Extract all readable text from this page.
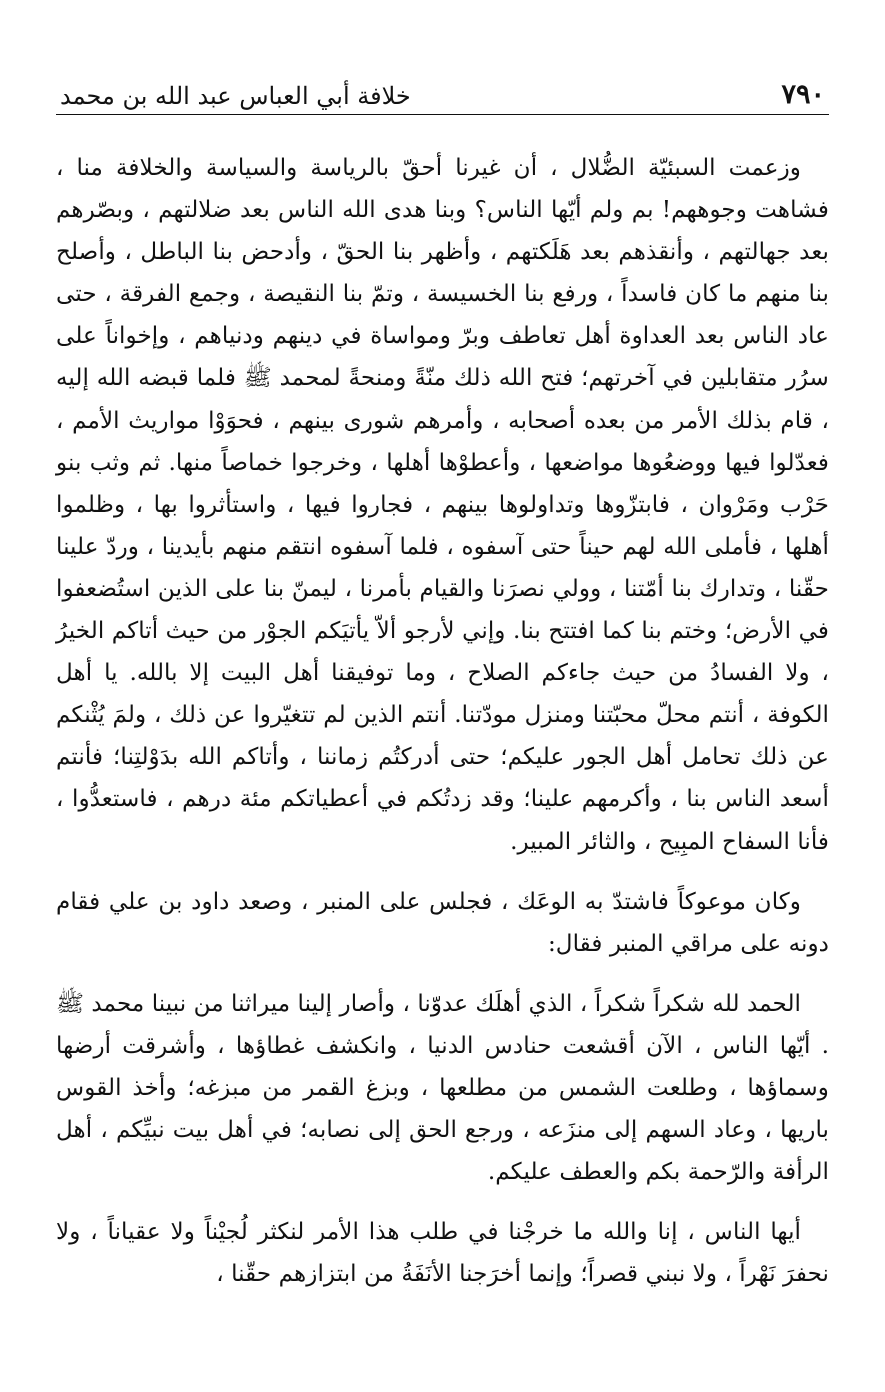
٧٩٠
خلافة أبي العباس عبد الله بن محمد

وزعمت السبئيّة الضُّلال ، أن غيرنا أحقّ بالرياسة والسياسة والخلافة منا ، فشاهت وجوههم! بم ولم أيّها الناس؟ وبنا هدى الله الناس بعد ضلالتهم ، وبصّرهم بعد جهالتهم ، وأنقذهم بعد هَلَكتهم ، وأظهر بنا الحقّ ، وأدحض بنا الباطل ، وأصلح بنا منهم ما كان فاسداً ، ورفع بنا الخسيسة ، وتمّ بنا النقيصة ، وجمع الفرقة ، حتى عاد الناس بعد العداوة أهل تعاطف وبرّ ومواساة في دينهم ودنياهم ، وإخواناً على سرُر متقابلين في آخرتهم؛ فتح الله ذلك منّةً ومنحةً لمحمد ﷺ فلما قبضه الله إليه ، قام بذلك الأمر من بعده أصحابه ، وأمرهم شورى بينهم ، فحوَوْا مواريث الأمم ، فعدّلوا فيها ووضعُوها مواضعها ، وأعطوْها أهلها ، وخرجوا خماصاً منها. ثم وثب بنو حَرْب ومَرْوان ، فابتزّوها وتداولوها بينهم ، فجاروا فيها ، واستأثروا بها ، وظلموا أهلها ، فأملى الله لهم حيناً حتى آسفوه ، فلما آسفوه انتقم منهم بأيدينا ، وردّ علينا حقّنا ، وتدارك بنا أمّتنا ، وولي نصرَنا والقيام بأمرنا ، ليمنّ بنا على الذين استُضعفوا في الأرض؛ وختم بنا كما افتتح بنا. وإني لأرجو ألاّ يأتيَكم الجوْر من حيث أتاكم الخيرُ ، ولا الفسادُ من حيث جاءكم الصلاح ، وما توفيقنا أهل البيت إلا بالله. يا أهل الكوفة ، أنتم محلّ محبّتنا ومنزل مودّتنا. أنتم الذين لم تتغيّروا عن ذلك ، ولمَ يُثْنكم عن ذلك تحامل أهل الجور عليكم؛ حتى أدركتُم زماننا ، وأتاكم الله بدَوْلتِنا؛ فأنتم أسعد الناس بنا ، وأكرمهم علينا؛ وقد زدتُكم في أعطياتكم مئة درهم ، فاستعدُّوا ، فأنا السفاح المبِيح ، والثائر المبير.

وكان موعوكاً فاشتدّ به الوعَك ، فجلس على المنبر ، وصعد داود بن علي فقام دونه على مراقي المنبر فقال:

الحمد لله شكراً شكراً ، الذي أهلَك عدوّنا ، وأصار إلينا ميراثنا من نبينا محمد ﷺ . أيّها الناس ، الآن أقشعت حنادس الدنيا ، وانكشف غطاؤها ، وأشرقت أرضها وسماؤها ، وطلعت الشمس من مطلعها ، وبزغ القمر من مبزغه؛ وأخذ القوس باريها ، وعاد السهم إلى منزَعه ، ورجع الحق إلى نصابه؛ في أهل بيت نبيِّكم ، أهل الرأفة والرّحمة بكم والعطف عليكم.

أيها الناس ، إنا والله ما خرجْنا في طلب هذا الأمر لنكثر لُجيْناً ولا عقياناً ، ولا نحفرَ نَهْراً ، ولا نبني قصراً؛ وإنما أخرَجنا الأنَفَةُ من ابتزازهم حقّنا ،
